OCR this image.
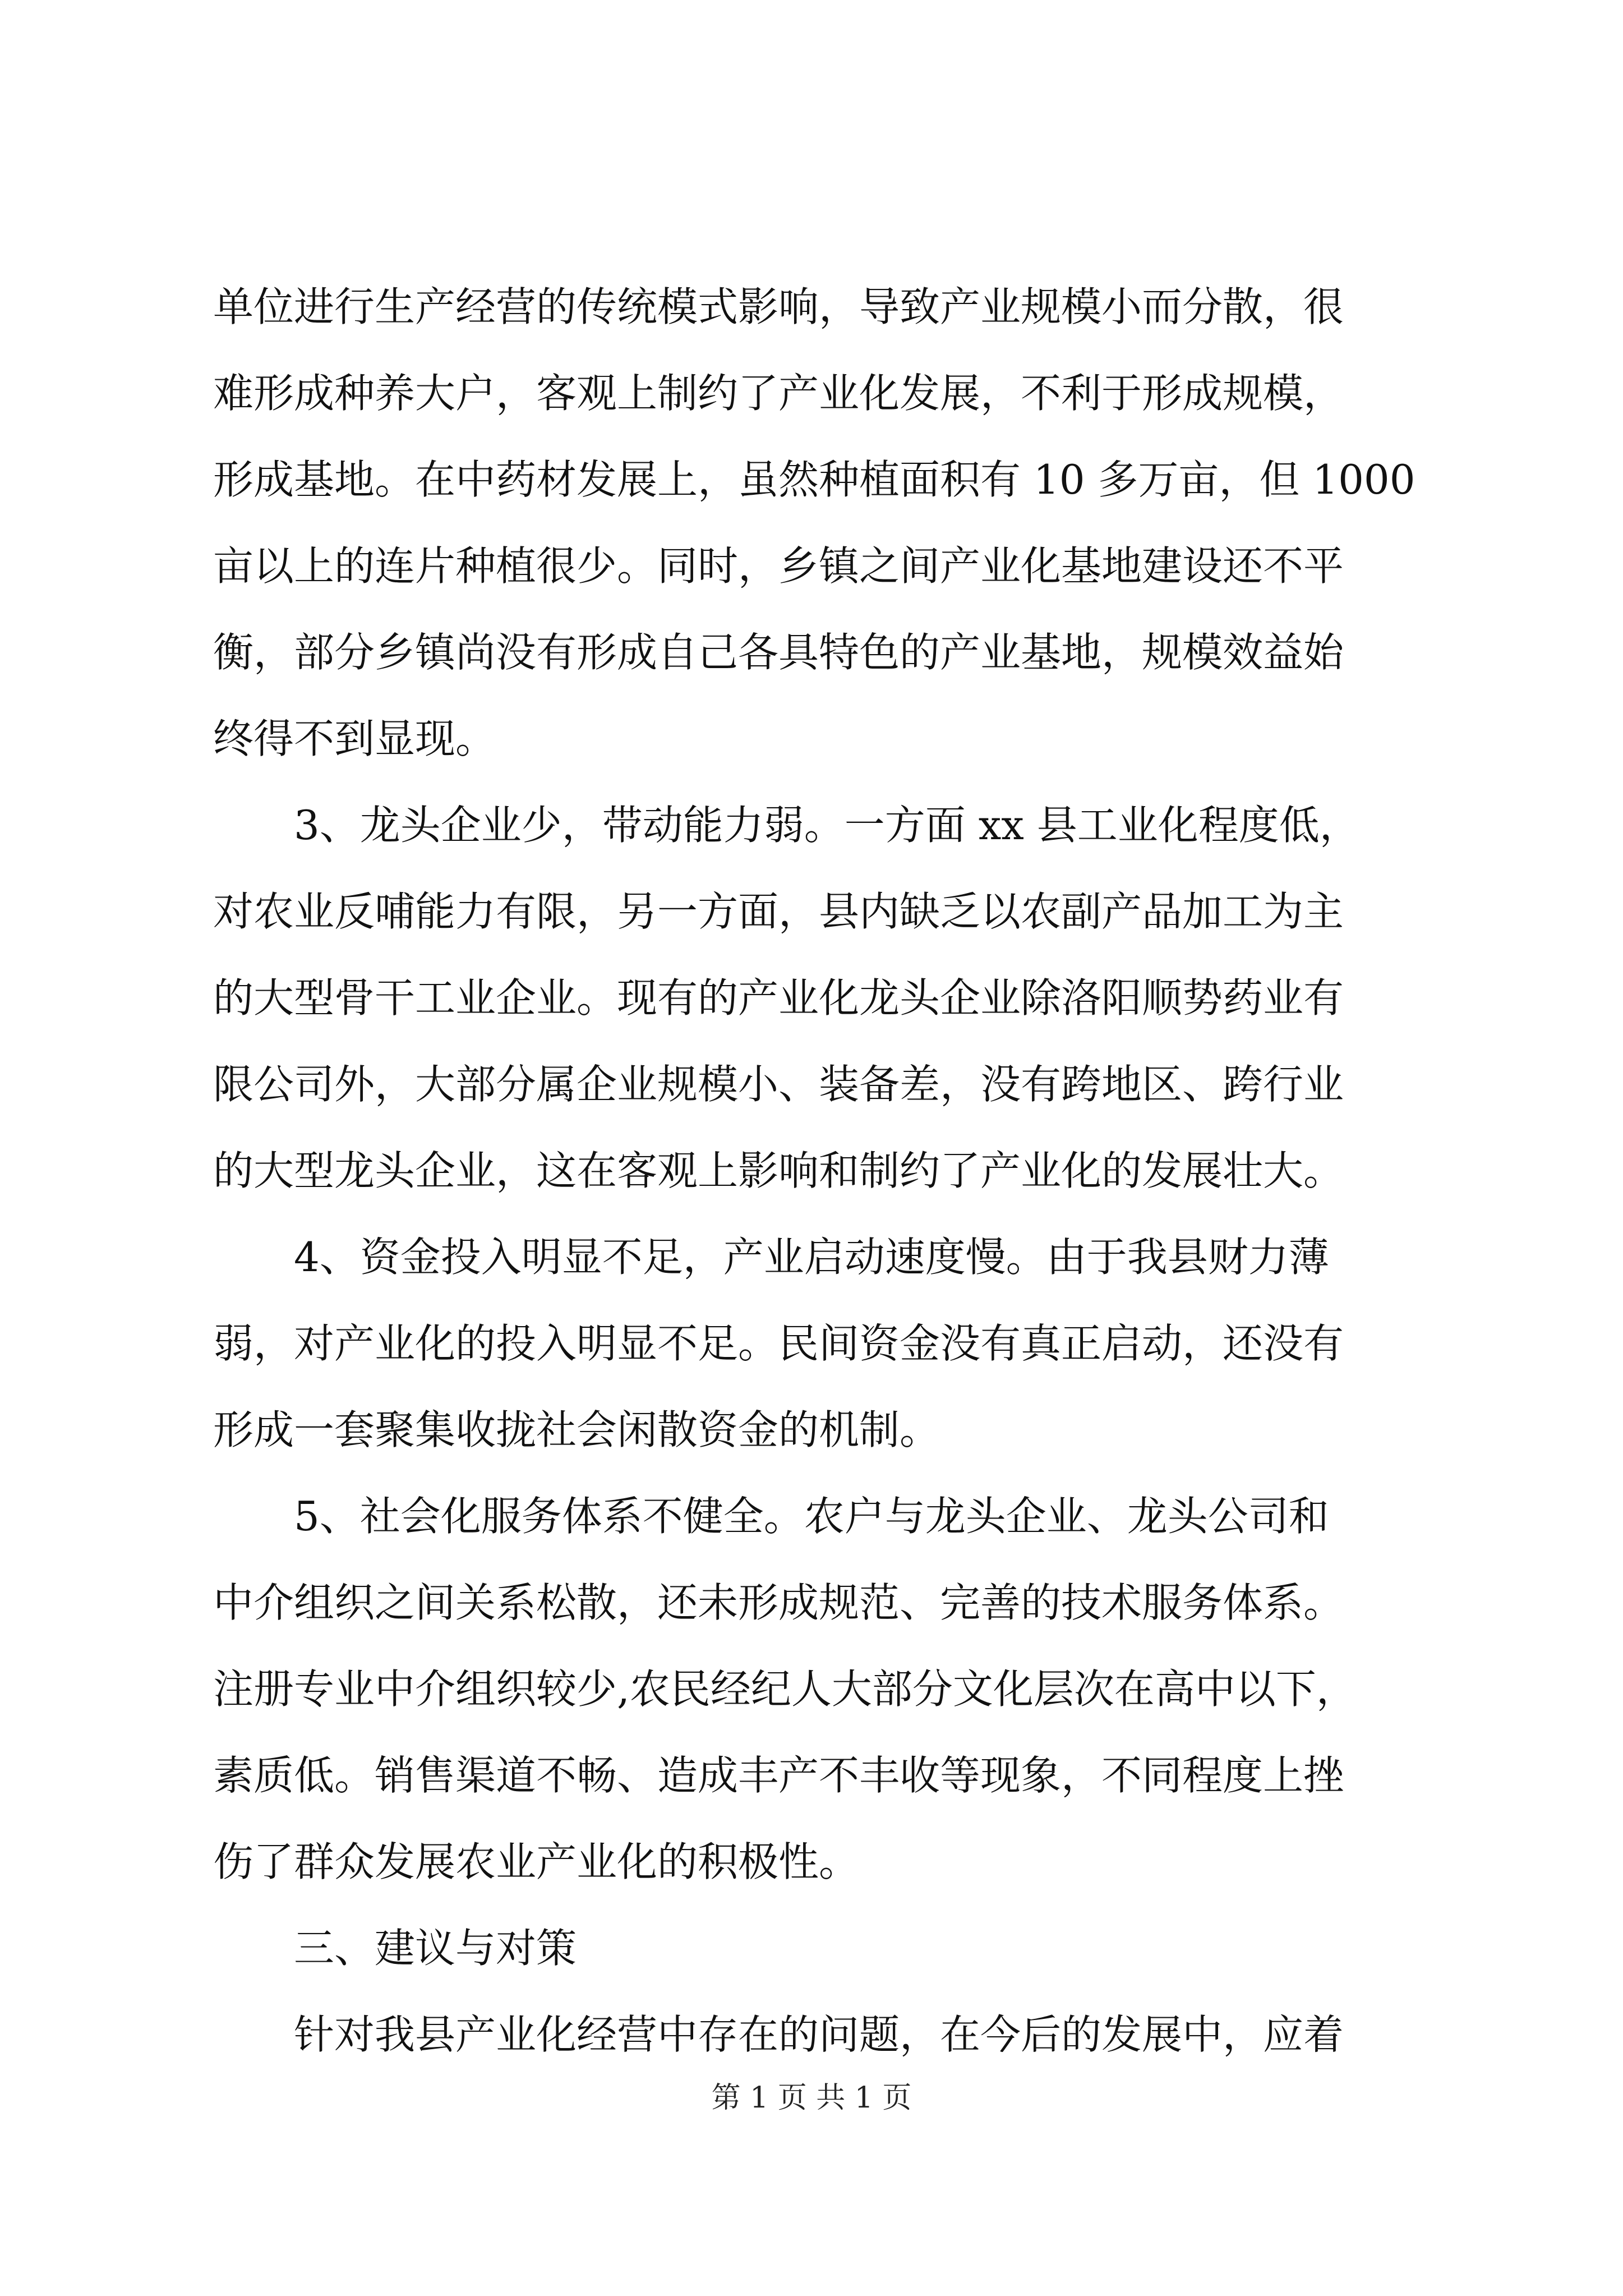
单位进行生产经营的传统模式影响，导致产业规模小而分散，很
难形成种养大户，客观上制约了产业化发展，不利于形成规模，
形成基地。在中药材发展上，虽然种植面积有 10 多万亩，但 1000
亩以上的连片种植很少。同时，乡镇之间产业化基地建设还不平
衡，部分乡镇尚没有形成自己各具特色的产业基地，规模效益始
终得不到显现。
　　3、龙头企业少，带动能力弱。一方面 xx 县工业化程度低，
对农业反哺能力有限，另一方面，县内缺乏以农副产品加工为主
的大型骨干工业企业。现有的产业化龙头企业除洛阳顺势药业有
限公司外，大部分属企业规模小、装备差，没有跨地区、跨行业
的大型龙头企业，这在客观上影响和制约了产业化的发展壮大。
　　4、资金投入明显不足，产业启动速度慢。由于我县财力薄
弱，对产业化的投入明显不足。民间资金没有真正启动，还没有
形成一套聚集收拢社会闲散资金的机制。
　　5、社会化服务体系不健全。农户与龙头企业、龙头公司和
中介组织之间关系松散，还未形成规范、完善的技术服务体系。
注册专业中介组织较少,农民经纪人大部分文化层次在高中以下，
素质低。销售渠道不畅、造成丰产不丰收等现象，不同程度上挫
伤了群众发展农业产业化的积极性。
　　三、建议与对策
　　针对我县产业化经营中存在的问题，在今后的发展中，应着
第 1 页 共 1 页
